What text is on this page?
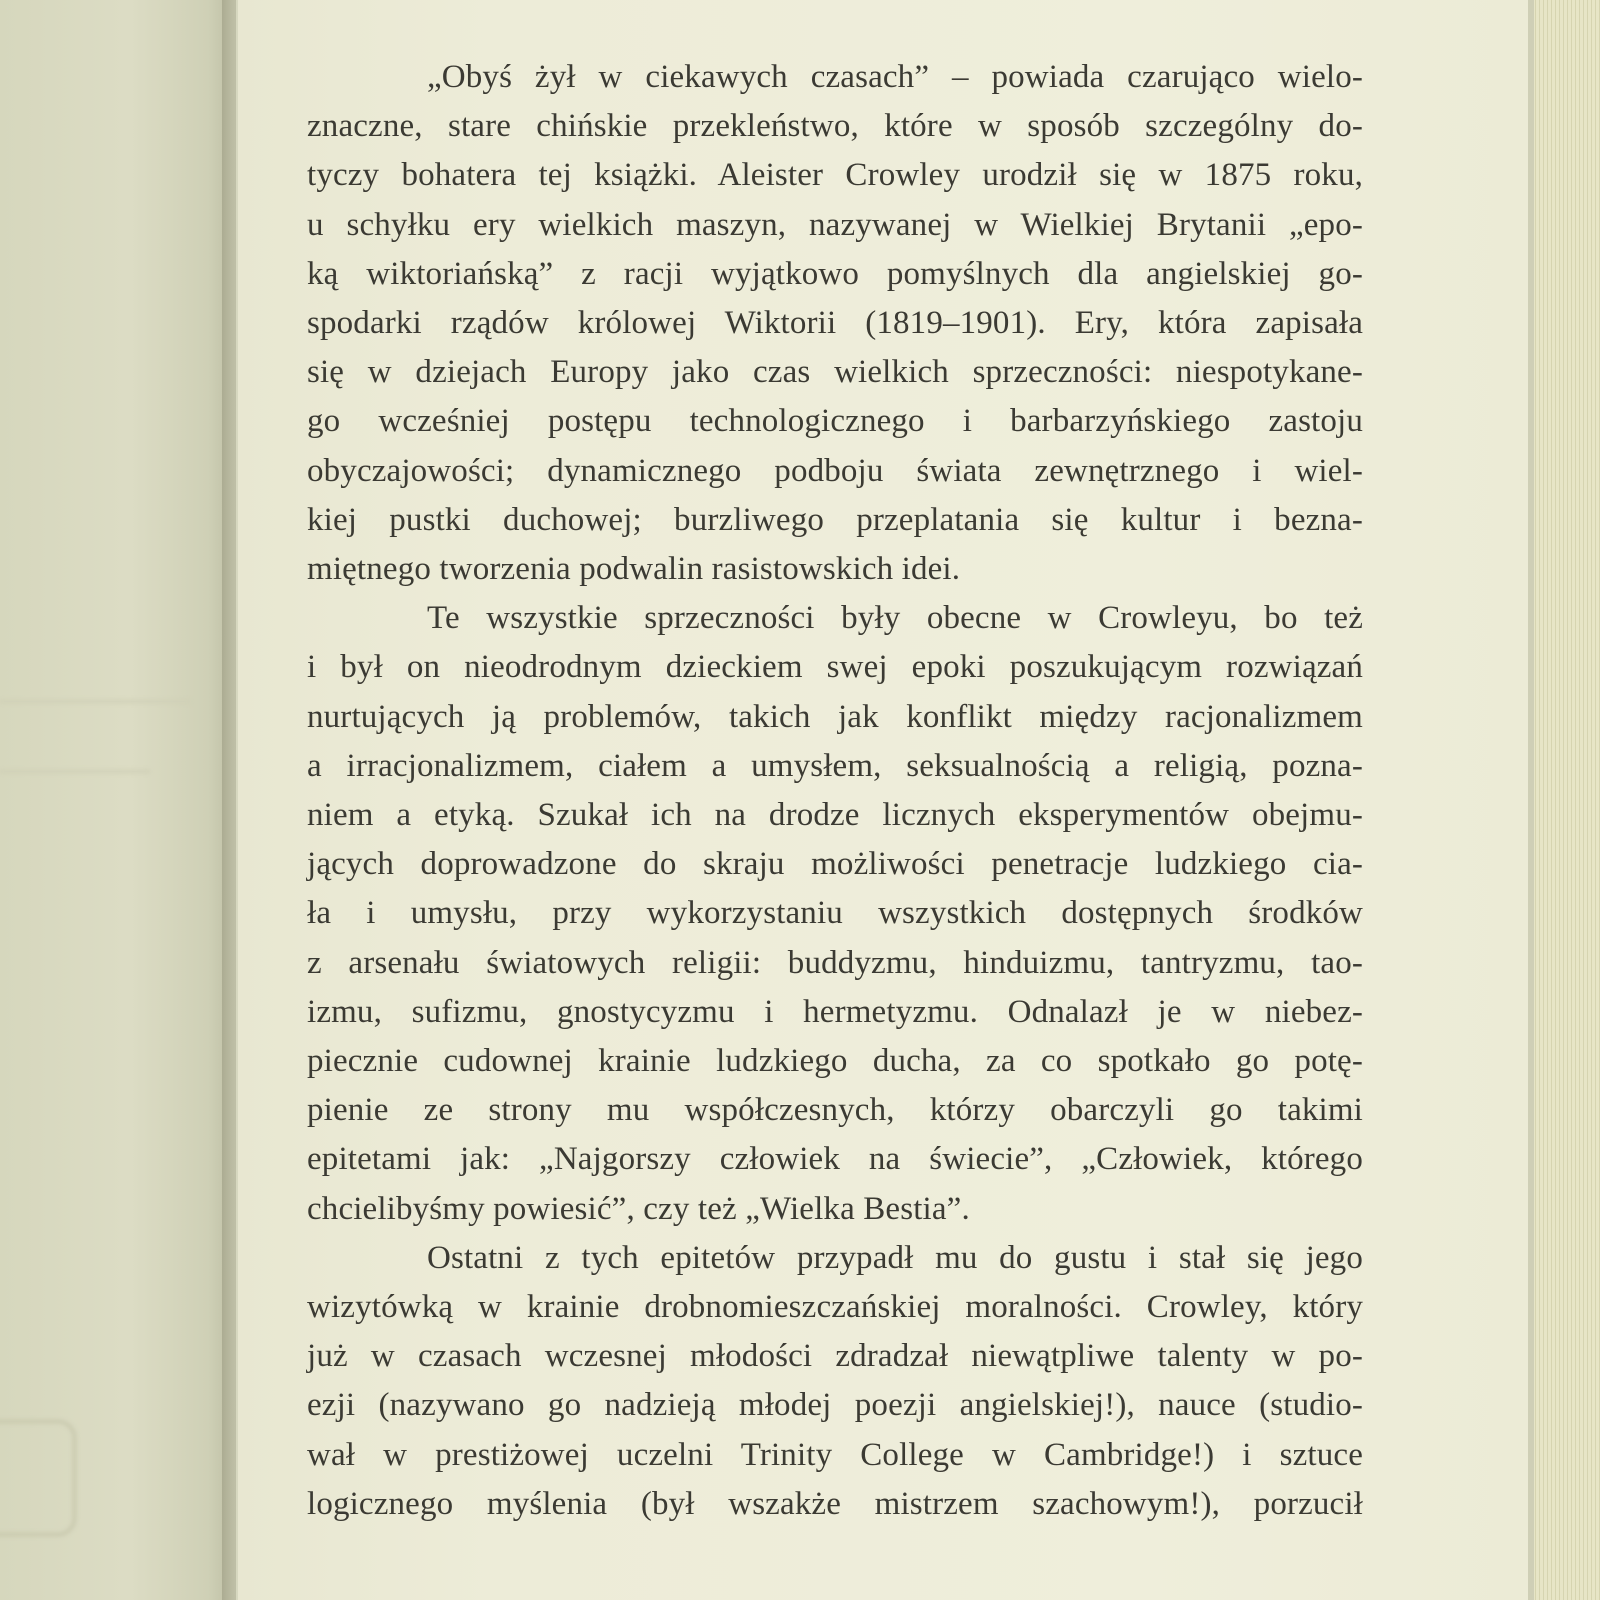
„Obyś żył w ciekawych czasach” – powiada czarująco wielo-
znaczne, stare chińskie przekleństwo, które w sposób szczególny do-
tyczy bohatera tej książki. Aleister Crowley urodził się w 1875 roku,
u schyłku ery wielkich maszyn, nazywanej w Wielkiej Brytanii „epo-
ką wiktoriańską” z racji wyjątkowo pomyślnych dla angielskiej go-
spodarki rządów królowej Wiktorii (1819–1901). Ery, która zapisała
się w dziejach Europy jako czas wielkich sprzeczności: niespotykane-
go wcześniej postępu technologicznego i barbarzyńskiego zastoju
obyczajowości; dynamicznego podboju świata zewnętrznego i wiel-
kiej pustki duchowej; burzliwego przeplatania się kultur i bezna-
miętnego tworzenia podwalin rasistowskich idei.

Te wszystkie sprzeczności były obecne w Crowleyu, bo też
i był on nieodrodnym dzieckiem swej epoki poszukującym rozwiązań
nurtujących ją problemów, takich jak konflikt między racjonalizmem
a irracjonalizmem, ciałem a umysłem, seksualnością a religią, pozna-
niem a etyką. Szukał ich na drodze licznych eksperymentów obejmu-
jących doprowadzone do skraju możliwości penetracje ludzkiego cia-
ła i umysłu, przy wykorzystaniu wszystkich dostępnych środków
z arsenału światowych religii: buddyzmu, hinduizmu, tantryzmu, tao-
izmu, sufizmu, gnostycyzmu i hermetyzmu. Odnalazł je w niebez-
piecznie cudownej krainie ludzkiego ducha, za co spotkało go potę-
pienie ze strony mu współczesnych, którzy obarczyli go takimi
epitetami jak: „Najgorszy człowiek na świecie”, „Człowiek, którego
chcielibyśmy powiesić”, czy też „Wielka Bestia”.

Ostatni z tych epitetów przypadł mu do gustu i stał się jego
wizytówką w krainie drobnomieszczańskiej moralności. Crowley, który
już w czasach wczesnej młodości zdradzał niewątpliwe talenty w po-
ezji (nazywano go nadzieją młodej poezji angielskiej!), nauce (studio-
wał w prestiżowej uczelni Trinity College w Cambridge!) i sztuce
logicznego myślenia (był wszakże mistrzem szachowym!), porzucił
